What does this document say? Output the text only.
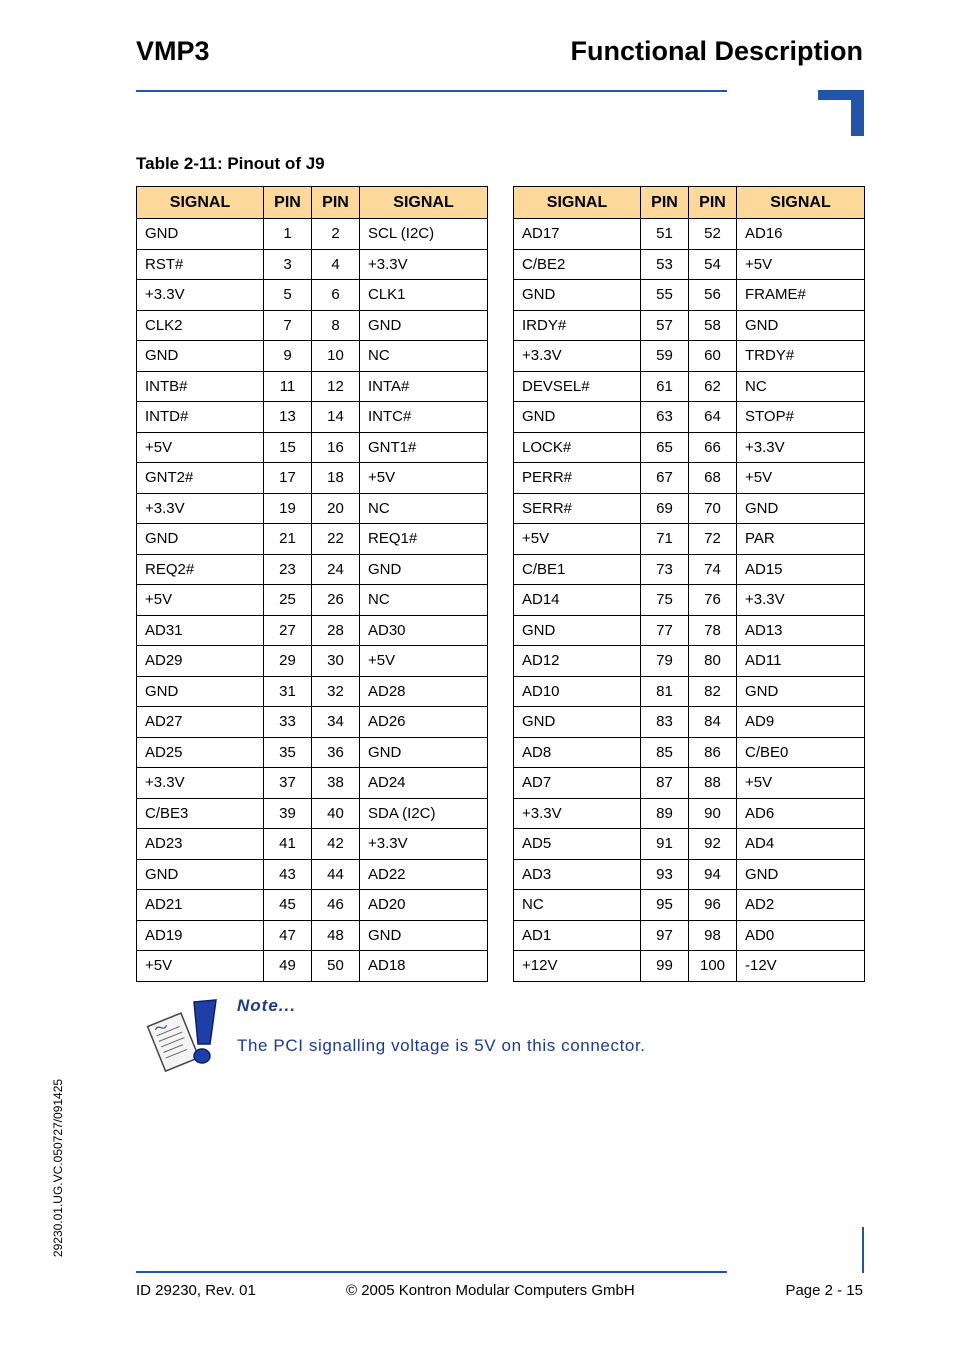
VMP3	Functional Description
Table 2-11: Pinout of J9
SIGNAL	PIN	PIN	SIGNAL
GND	1	2	SCL (I2C)
RST#	3	4	+3.3V
+3.3V	5	6	CLK1
CLK2	7	8	GND
GND	9	10	NC
INTB#	11	12	INTA#
INTD#	13	14	INTC#
+5V	15	16	GNT1#
GNT2#	17	18	+5V
+3.3V	19	20	NC
GND	21	22	REQ1#
REQ2#	23	24	GND
+5V	25	26	NC
AD31	27	28	AD30
AD29	29	30	+5V
GND	31	32	AD28
AD27	33	34	AD26
AD25	35	36	GND
+3.3V	37	38	AD24
C/BE3	39	40	SDA (I2C)
AD23	41	42	+3.3V
GND	43	44	AD22
AD21	45	46	AD20
AD19	47	48	GND
+5V	49	50	AD18
SIGNAL	PIN	PIN	SIGNAL
AD17	51	52	AD16
C/BE2	53	54	+5V
GND	55	56	FRAME#
IRDY#	57	58	GND
+3.3V	59	60	TRDY#
DEVSEL#	61	62	NC
GND	63	64	STOP#
LOCK#	65	66	+3.3V
PERR#	67	68	+5V
SERR#	69	70	GND
+5V	71	72	PAR
C/BE1	73	74	AD15
AD14	75	76	+3.3V
GND	77	78	AD13
AD12	79	80	AD11
AD10	81	82	GND
GND	83	84	AD9
AD8	85	86	C/BE0
AD7	87	88	+5V
+3.3V	89	90	AD6
AD5	91	92	AD4
AD3	93	94	GND
NC	95	96	AD2
AD1	97	98	AD0
+12V	99	100	-12V
Note...
The PCI signalling voltage is 5V on this connector.
29230.01.UG.VC.050727/091425
ID 29230, Rev. 01	© 2005 Kontron Modular Computers GmbH	Page 2 - 15
